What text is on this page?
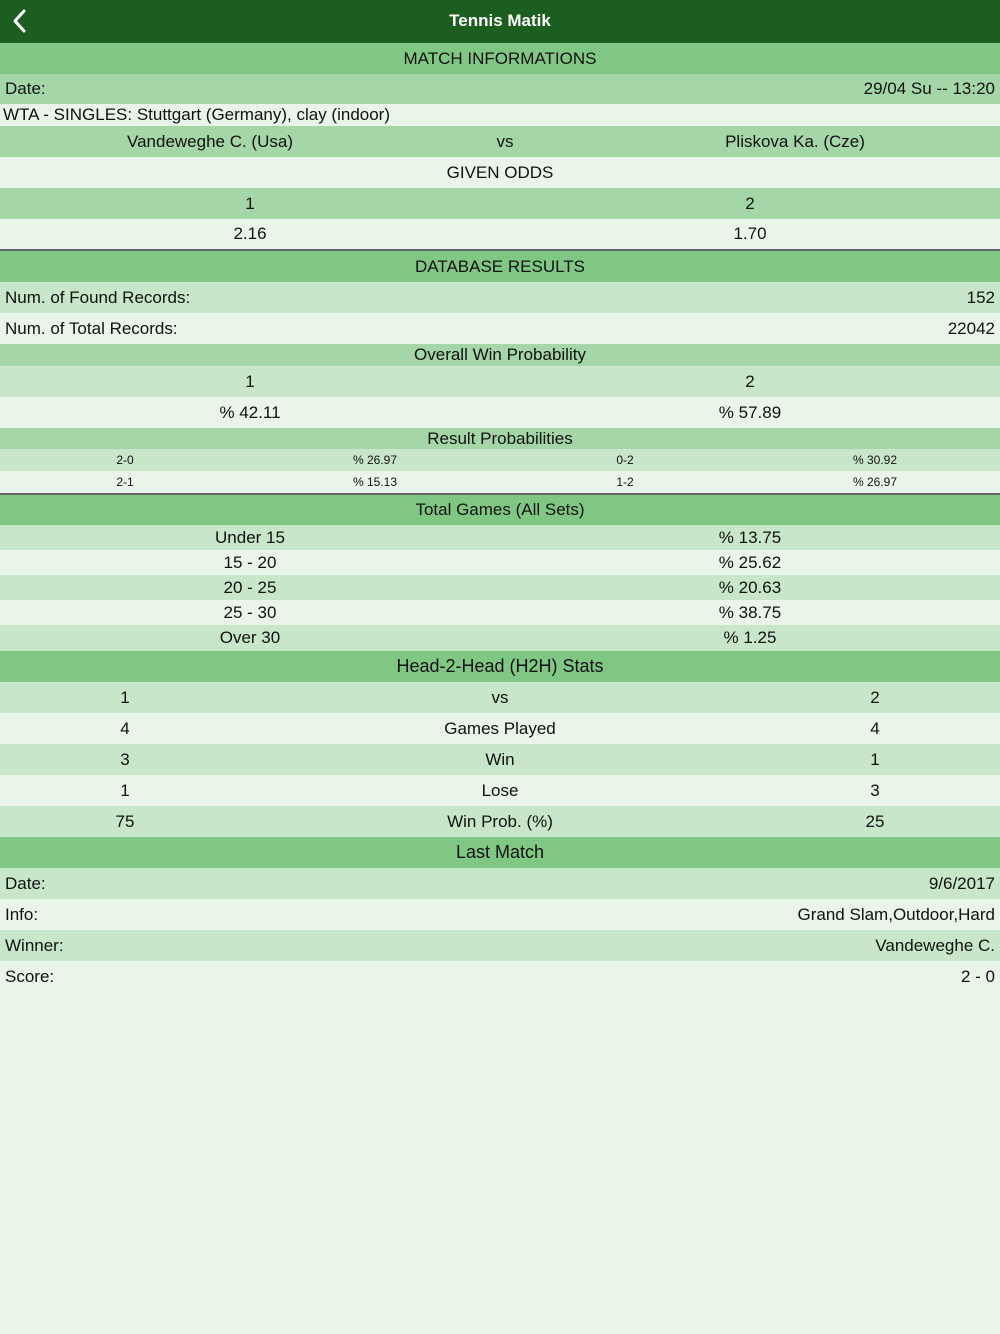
Tennis Matik
MATCH INFORMATIONS
Date:	29/04 Su -- 13:20
WTA - SINGLES: Stuttgart (Germany), clay (indoor)
Vandeweghe C. (Usa)	vs	Pliskova Ka. (Cze)
GIVEN ODDS
1	2
2.16	1.70
DATABASE RESULTS
Num. of Found Records:	152
Num. of Total Records:	22042
Overall Win Probability
1	2
% 42.11	% 57.89
Result Probabilities
2-0	% 26.97	0-2	% 30.92
2-1	% 15.13	1-2	% 26.97
Total Games (All Sets)
Under 15	% 13.75
15 - 20	% 25.62
20 - 25	% 20.63
25 - 30	% 38.75
Over 30	% 1.25
Head-2-Head (H2H) Stats
1	vs	2
4	Games Played	4
3	Win	1
1	Lose	3
75	Win Prob. (%)	25
Last Match
Date:	9/6/2017
Info:	Grand Slam,Outdoor,Hard
Winner:	Vandeweghe C.
Score:	2 - 0
